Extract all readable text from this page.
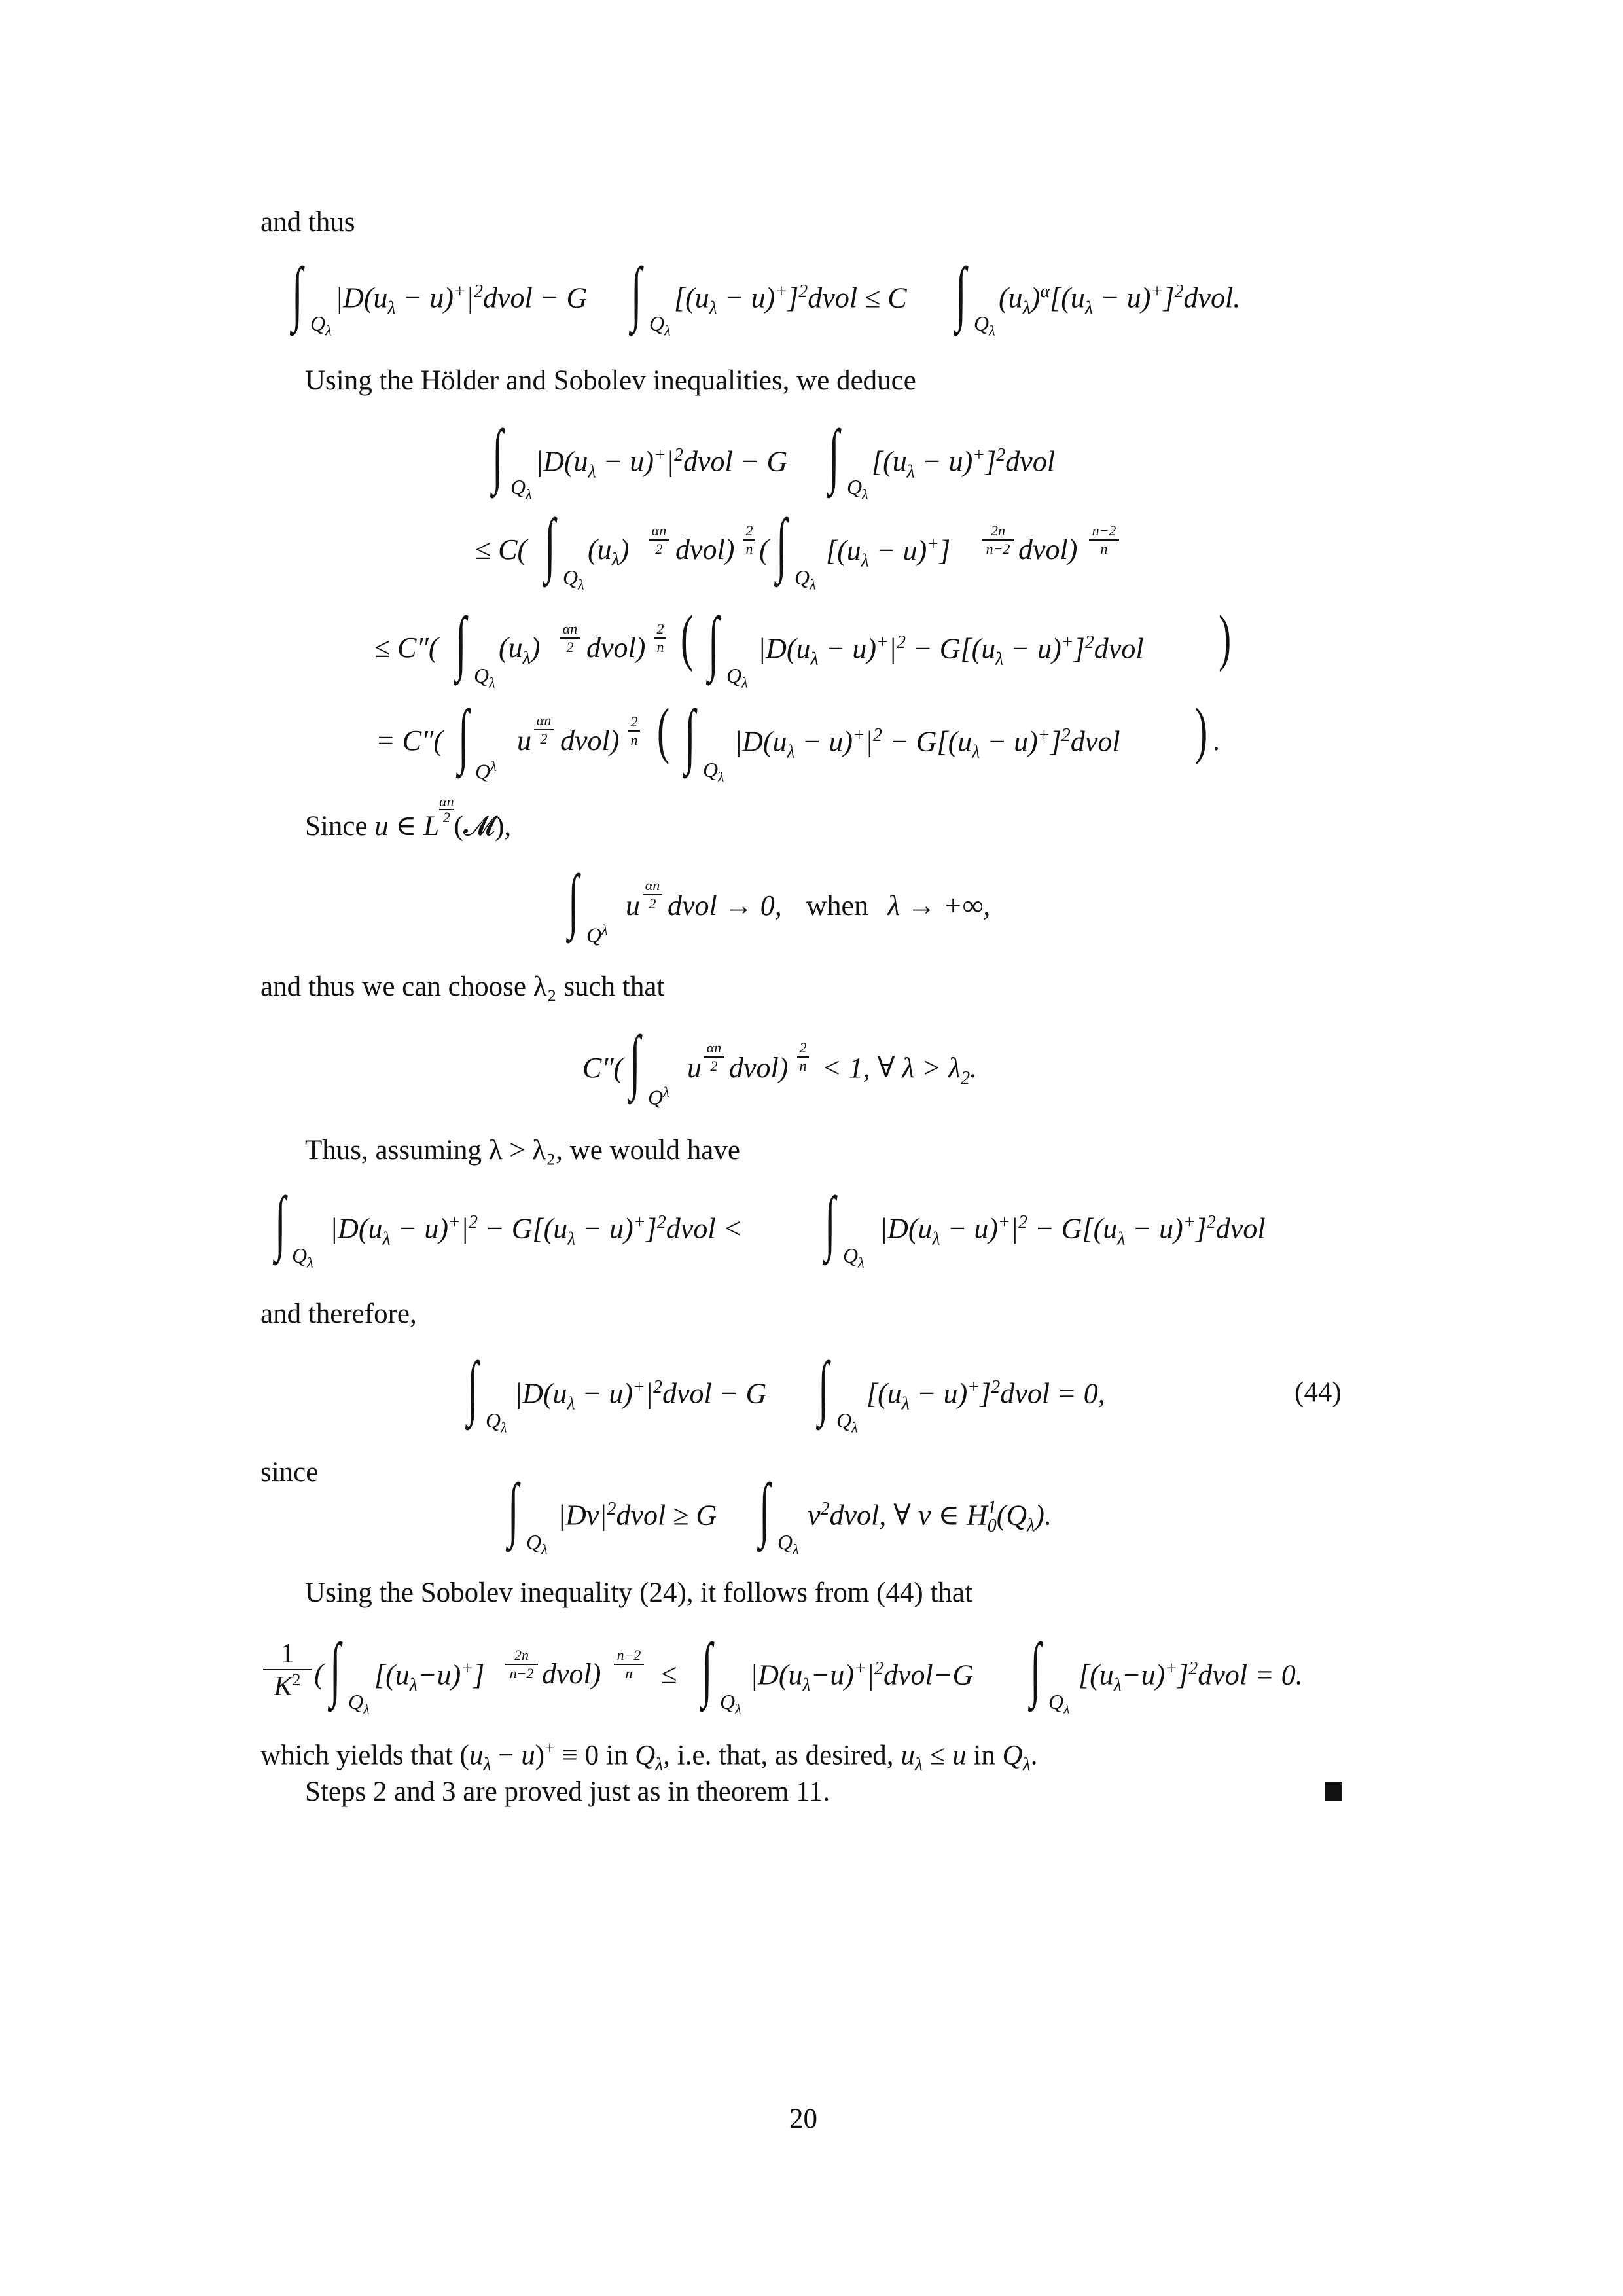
and thus
∫ $Q_\lambda$
$|D(u_\lambda$ − $u)^+|^2dvol - G$ ∫ $Q_\lambda$
[($u_\lambda$ − $u)^+]^2dvol \le C$ ∫ $Q_\lambda$
$(u_\lambda)^\alpha[(u_\lambda$ − $u)^+]^2dvol$.
Using the Hölder and Sobolev inequalities, we deduce
∫ $Q_\lambda$
$|D(u_\lambda$ − $u)^+|^2dvol - G$ ∫ $Q_\lambda$
[($u_\lambda$ − $u)^+]^2dvol$
≤ C( ∫ $Q_\lambda$
$(u_\lambda)$
αn
2 dvol)
2
n ( ∫ $Q_\lambda$
$[(u_\lambda - u)^+]$
2n
n−2 dvol)
n−2
n
≤ C″( ∫ $Q_\lambda$
$(u_\lambda)$
αn
2 dvol)
2
n ( ∫ $Q_\lambda$
$|D(u_\lambda - u)^+|^2 - G[(u_\lambda$ − $u)^+]^2dvol$ )
= C″( ∫ $Q^\lambda$
u
αn
2 dvol)
2
n ( ∫ $Q_\lambda$
$|D(u_\lambda - u)^+|^2 - G[(u_\lambda$ − $u)^+]^2dvol$ ) .
Since u ∈ L
$^{\frac{\alpha n}{2}}$
(𝓜),
∫ $Q^\lambda$
u
αn
2 dvol → 0, when λ → +∞,
and thus we can choose λ₂ such that
C″( ∫ $Q^\lambda$
u
αn
2 dvol)
2
n < 1, ∀ $\lambda > \lambda_2$.
Thus, assuming λ > λ₂, we would have
∫ $Q_\lambda$
$|D(u_\lambda - u)^+|^2 - G[(u_\lambda$ − $u)^+]^2dvol$ < ∫ $Q_\lambda$
$|D(u_\lambda - u)^+|^2 - G[(u_\lambda$ − $u)^+]^2dvol$
and therefore,
∫ $Q_\lambda$
$|D(u_\lambda$ − $u)^+|^2dvol - G$ ∫ $Q_\lambda$
[($u_\lambda$ − $u)^+]^2dvol = 0$,	(44)
since	∫ $Q_\lambda$
$|Dv|^2dvol \ge G$ ∫ $Q_\lambda$
$v^2dvol$, ∀ v ∈ $H^1_0(Q_\lambda)$.
Using the Sobolev inequality (24), it follows from (44) that
1
$K^2$ ( ∫ $Q_\lambda$
$[(u_\lambda-u)^+]$
2n
n−2 dvol)
n−2
n ≤ ∫ $Q_\lambda$
$|D(u_\lambda-u)^+|^2dvol-G$ ∫ $Q_\lambda$
$[(u_\lambda-u)^+]^2dvol = 0$.
which yields that $(u_\lambda - u)^+ \equiv 0$ in $Q_\lambda$, i.e. that, as desired, $u_\lambda \le u$ in $Q_\lambda$.
Steps 2 and 3 are proved just as in theorem 11.
20
